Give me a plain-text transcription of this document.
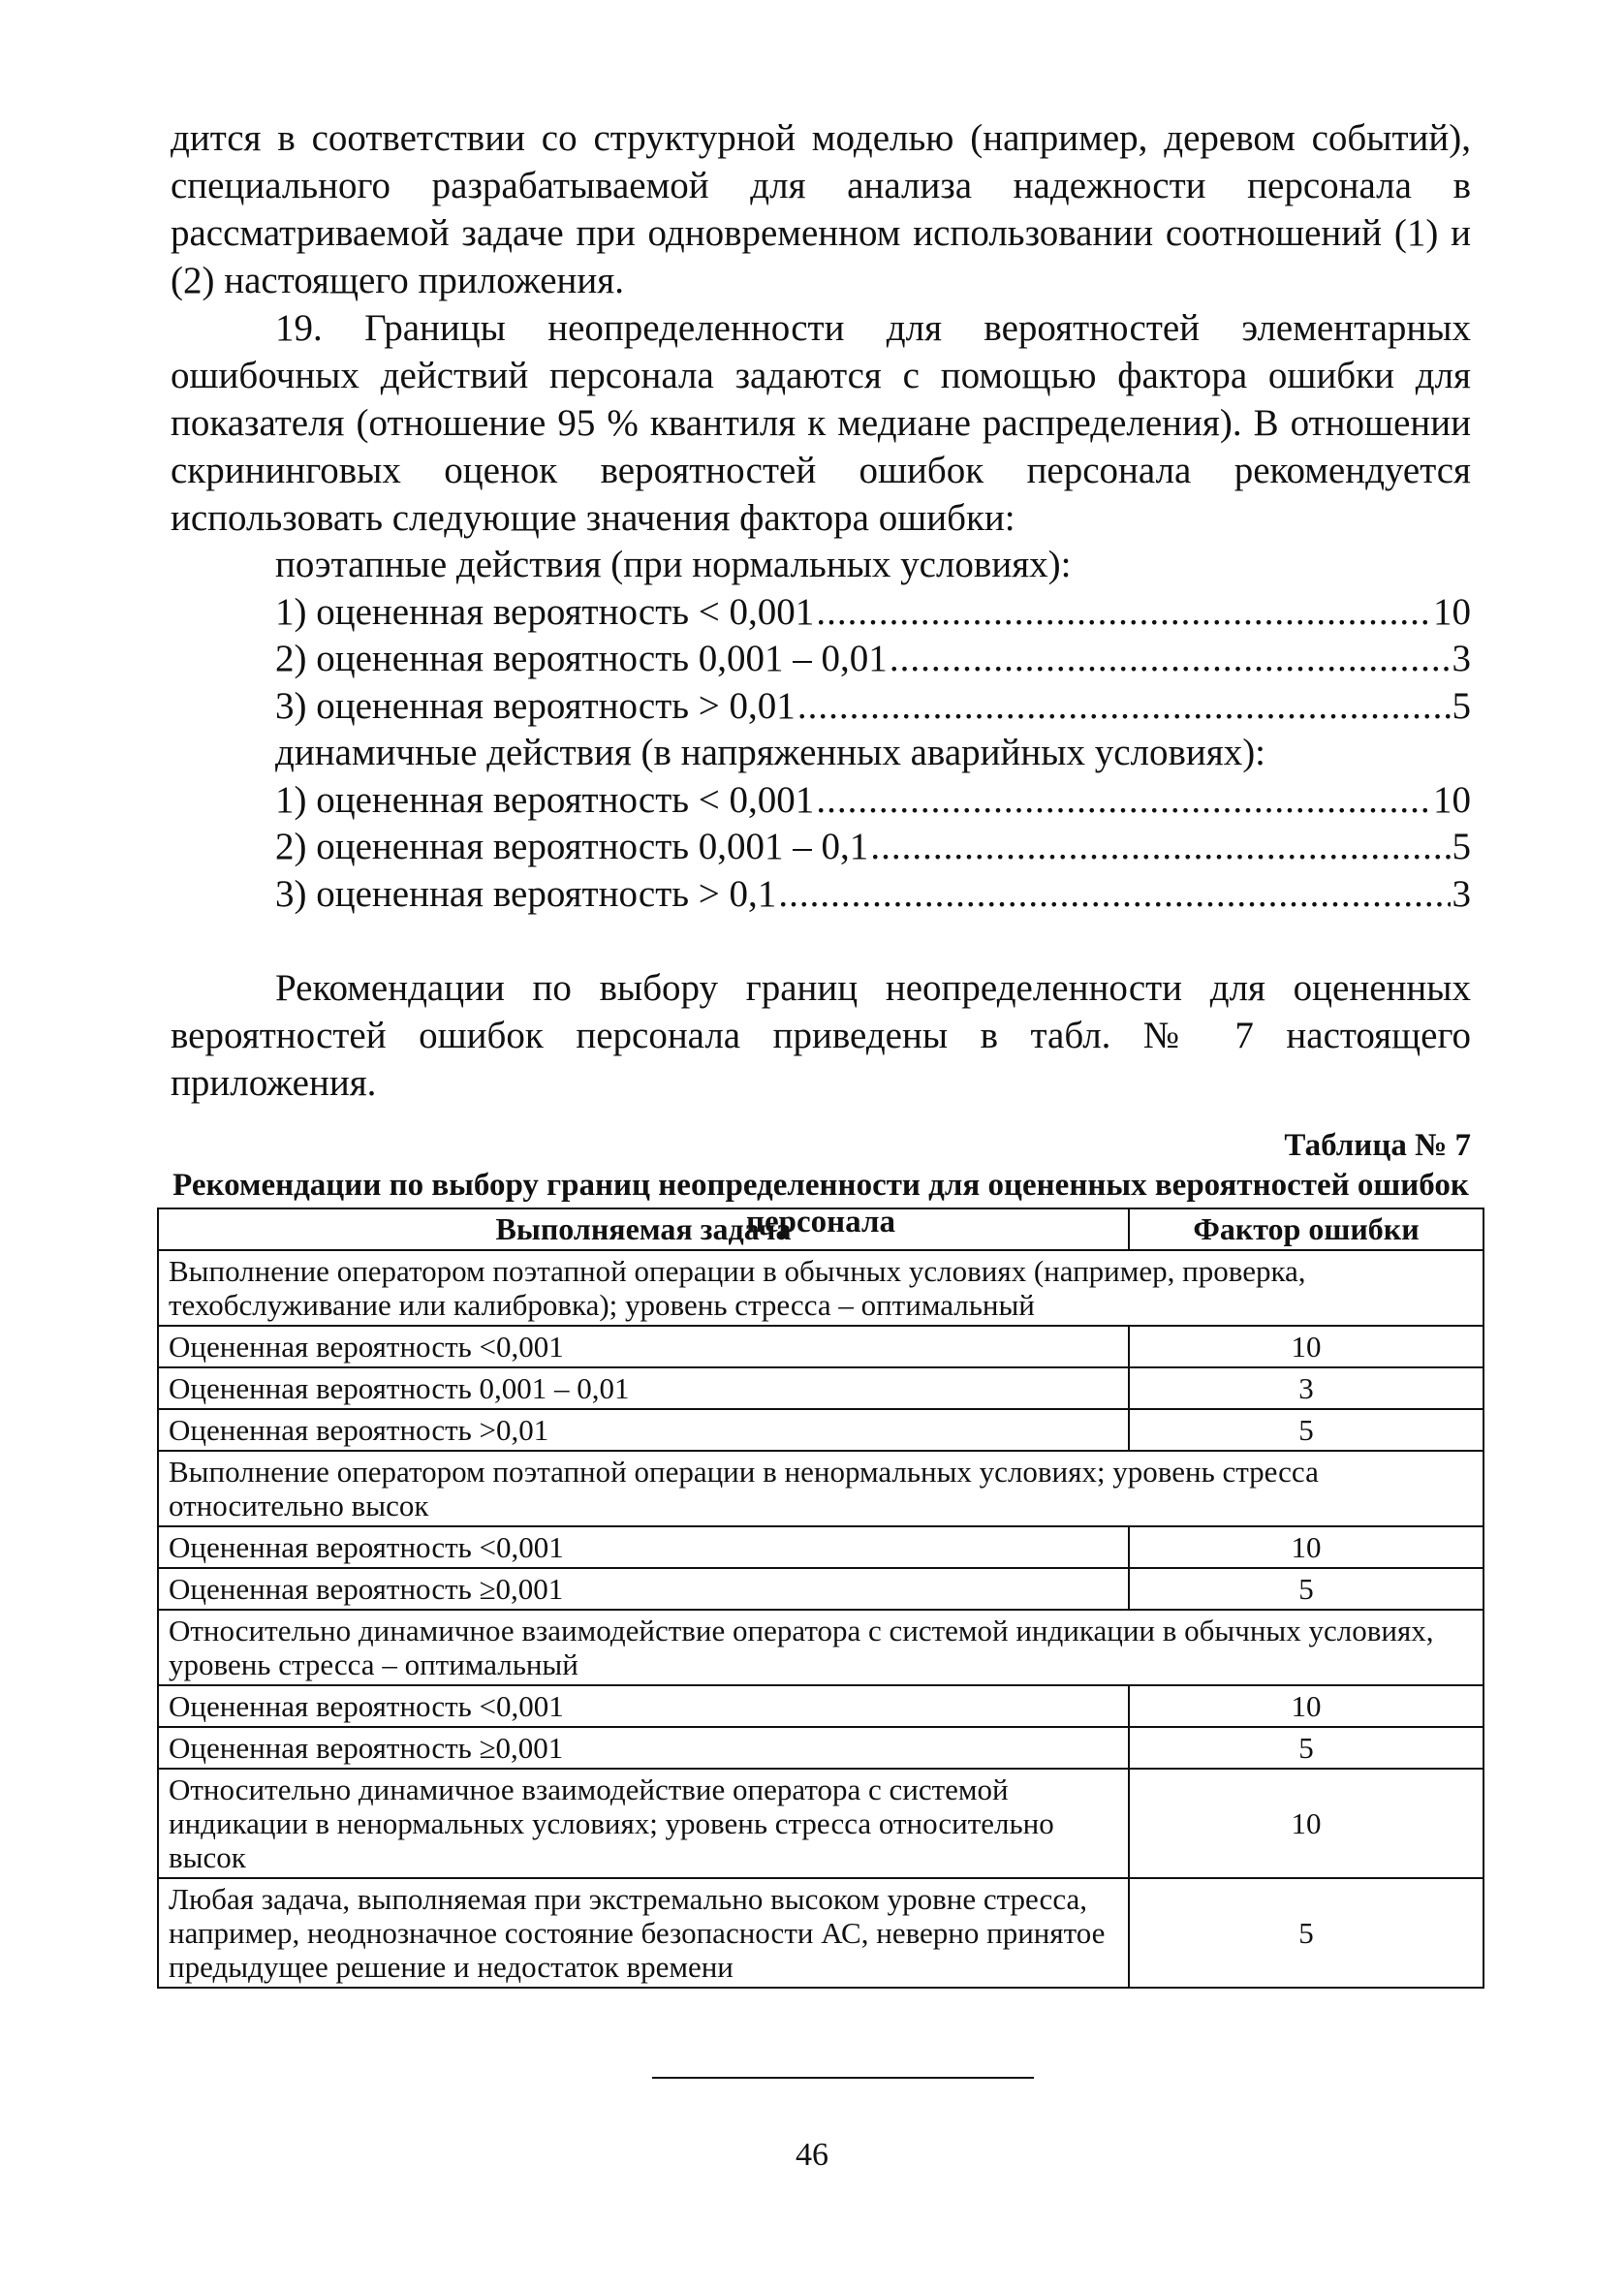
дится в соответствии со структурной моделью (например, деревом событий), специального разрабатываемой для анализа надежности персонала в рассматриваемой задаче при одновременном использовании соотношений (1) и (2) настоящего приложения.

19. Границы неопределенности для вероятностей элементарных ошибочных действий персонала задаются с помощью фактора ошибки для показателя (отношение 95 % квантиля к медиане распределения). В отношении скрининговых оценок вероятностей ошибок персонала рекомендуется использовать следующие значения фактора ошибки:

поэтапные действия (при нормальных условиях):
1) оцененная вероятность < 0,001 .....	10
2) оцененная вероятность 0,001 – 0,01 .....	3
3) оцененная вероятность > 0,01 .....	5
динамичные действия (в напряженных аварийных условиях):
1) оцененная вероятность < 0,001 .....	10
2) оцененная вероятность 0,001 – 0,1 .....	5
3) оцененная вероятность > 0,1 .....	3

Рекомендации по выбору границ неопределенности для оцененных вероятностей ошибок персонала приведены в табл. № 7 настоящего приложения.

Таблица № 7
Рекомендации по выбору границ неопределенности для оцененных вероятностей ошибок персонала
Выполняемая задача	Фактор ошибки
Выполнение оператором поэтапной операции в обычных условиях (например, проверка, техобслуживание или калибровка); уровень стресса – оптимальный	
Оцененная вероятность <0,001	10
Оцененная вероятность 0,001 – 0,01	3
Оцененная вероятность >0,01	5
Выполнение оператором поэтапной операции в ненормальных условиях; уровень стресса относительно высок	
Оцененная вероятность <0,001	10
Оцененная вероятность ≥0,001	5
Относительно динамичное взаимодействие оператора с системой индикации в обычных условиях, уровень стресса – оптимальный	
Оцененная вероятность <0,001	10
Оцененная вероятность ≥0,001	5
Относительно динамичное взаимодействие оператора с системой индикации в ненормальных условиях; уровень стресса относительно высок	10
Любая задача, выполняемая при экстремально высоком уровне стресса, например, неоднозначное состояние безопасности АС, неверно принятое предыдущее решение и недостаток времени	5
46
